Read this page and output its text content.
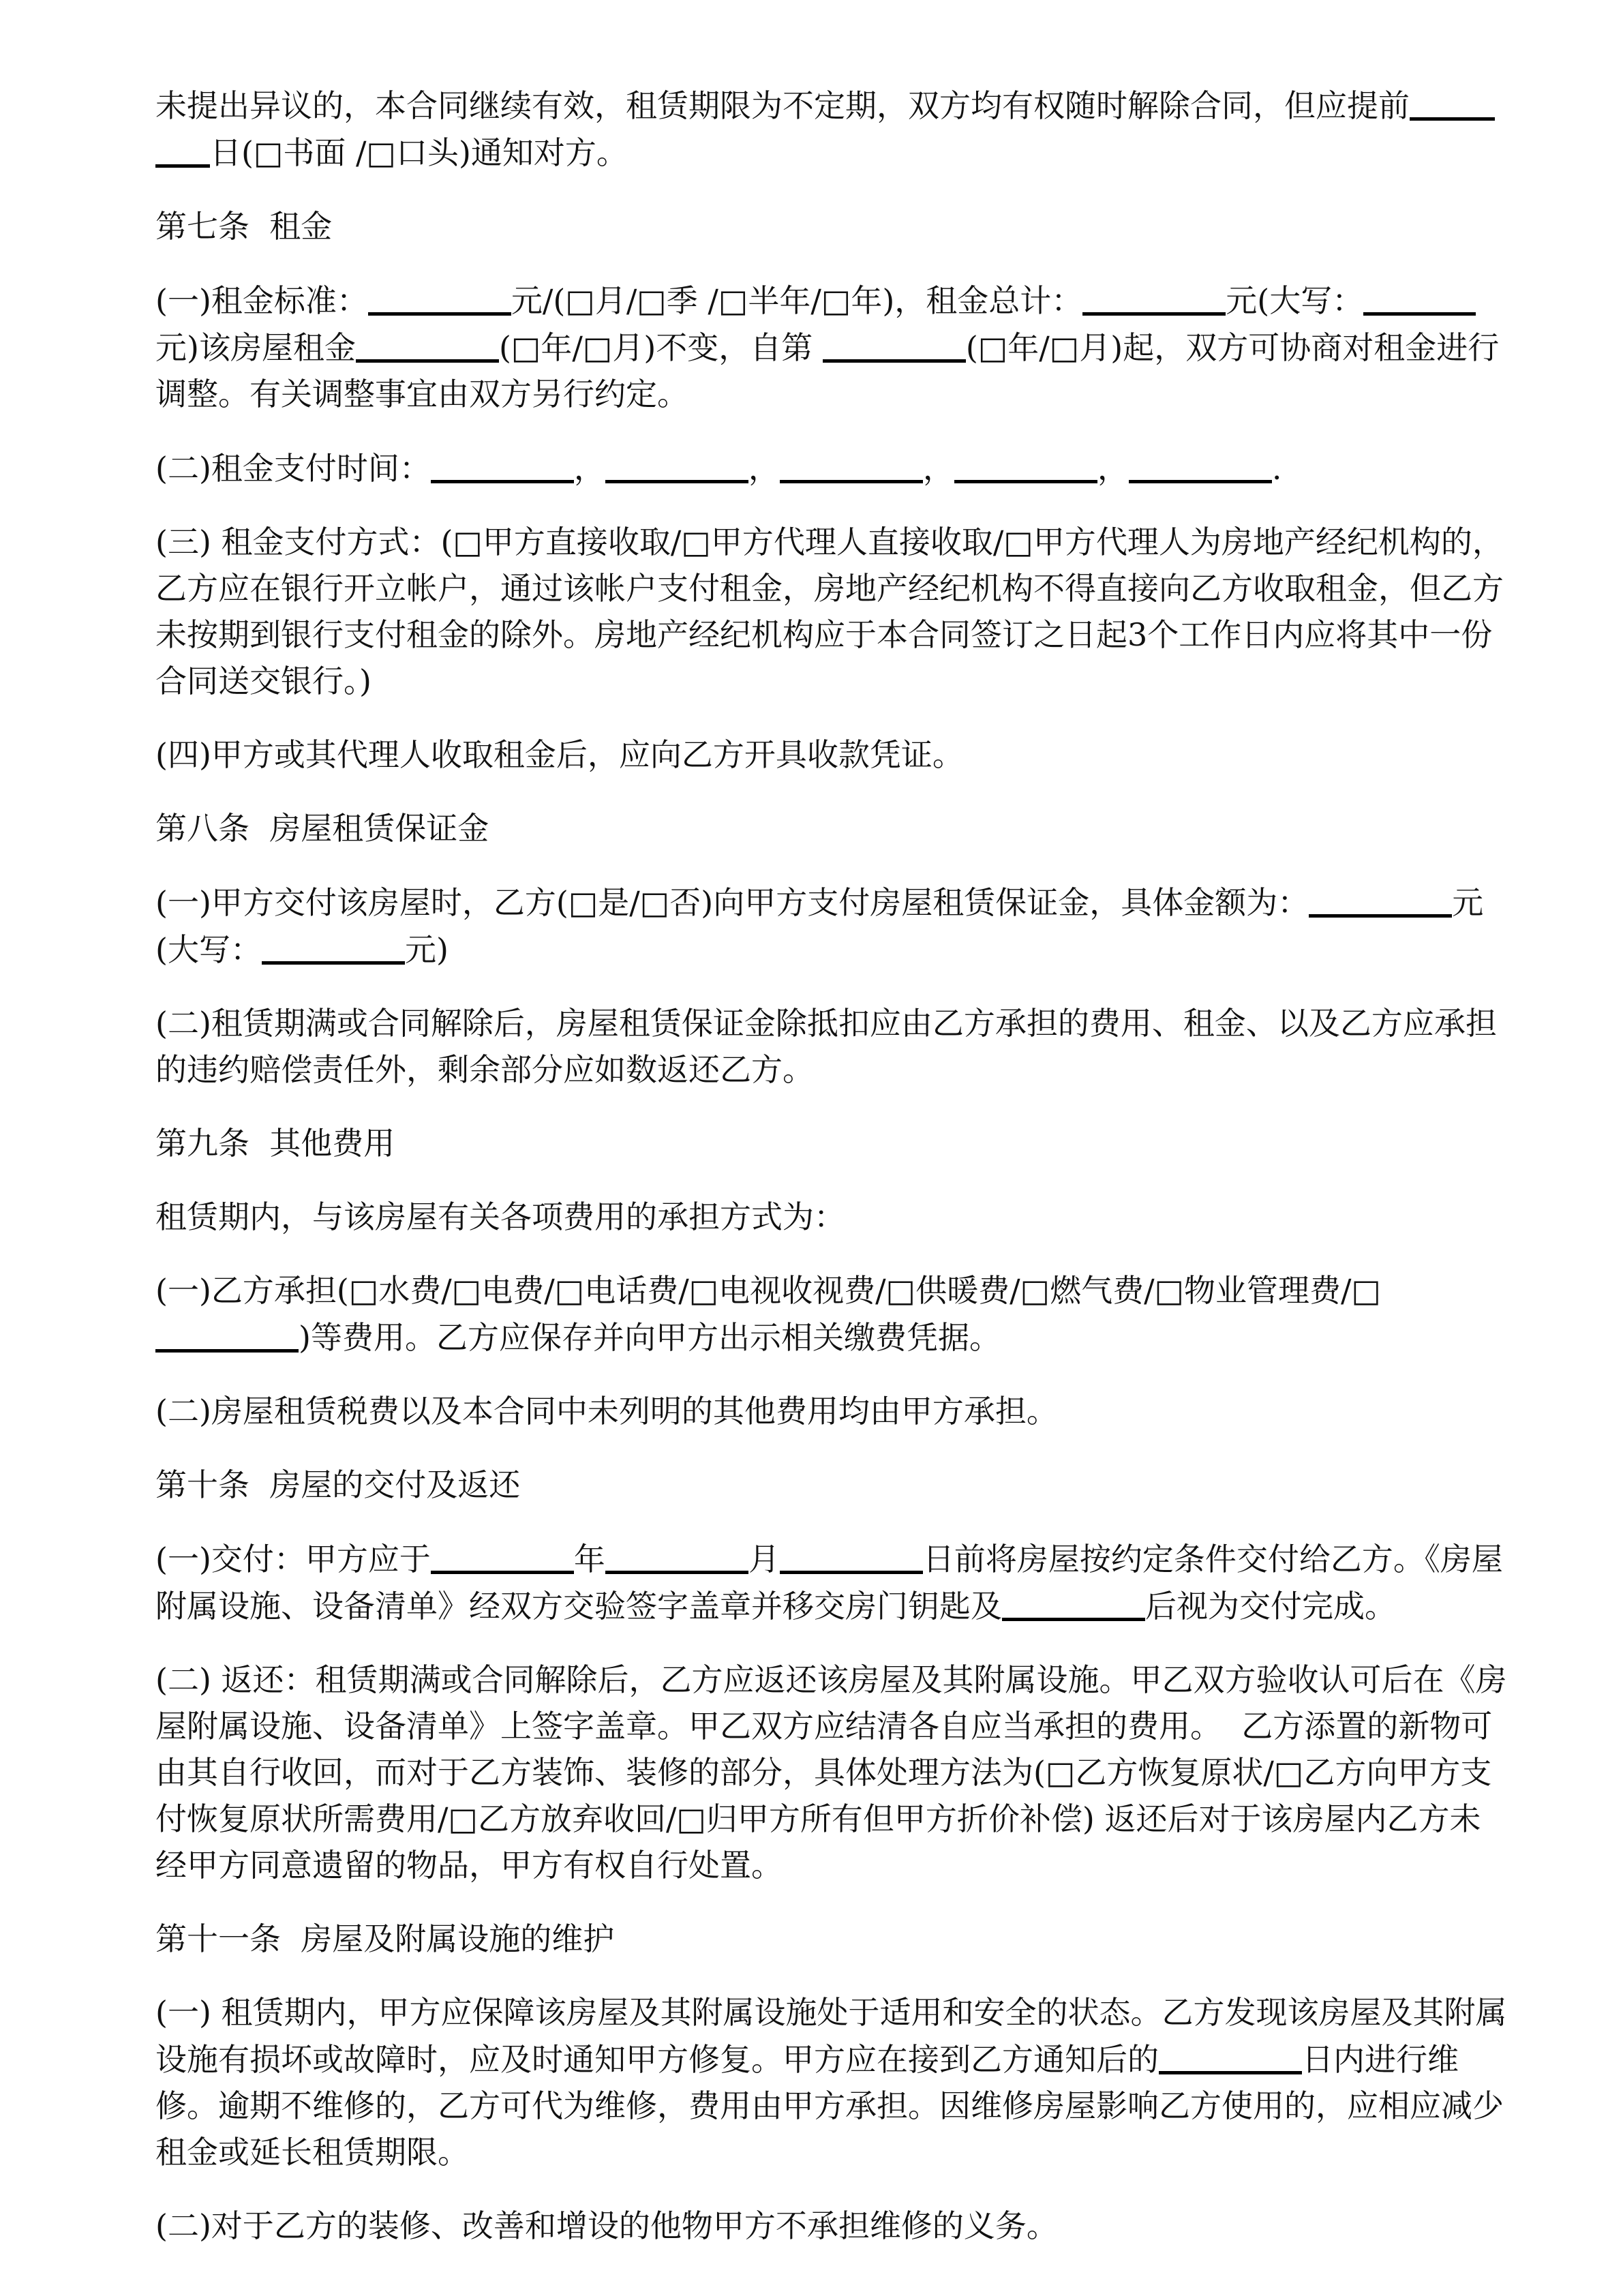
未提出异议的，本合同继续有效，租赁期限为不定期，双方均有权随时解除合同，但应提前日(□书面 /□口头)通知对方。

第七条  租金

(一)租金标准：	元/(□月/□季 /□半年/□年)，租金总计：	元(大写：元)该房屋租金	(□年/□月)不变，自第	(□年/□月)起，双方可协商对租金进行调整。有关调整事宜由双方另行约定。

(二)租金支付时间：	，	，	，	，	.

(三) 租金支付方式：(□甲方直接收取/□甲方代理人直接收取/□甲方代理人为房地产经纪机构的，乙方应在银行开立帐户，通过该帐户支付租金，房地产经纪机构不得直接向乙方收取租金，但乙方未按期到银行支付租金的除外。房地产经纪机构应于本合同签订之日起3个工作日内应将其中一份合同送交银行。)

(四)甲方或其代理人收取租金后，应向乙方开具收款凭证。

第八条  房屋租赁保证金

(一)甲方交付该房屋时，乙方(□是/□否)向甲方支付房屋租赁保证金，具体金额为：	元(大写：	元)

(二)租赁期满或合同解除后，房屋租赁保证金除抵扣应由乙方承担的费用、租金、以及乙方应承担的违约赔偿责任外，剩余部分应如数返还乙方。

第九条  其他费用

租赁期内，与该房屋有关各项费用的承担方式为：

(一)乙方承担(□水费/□电费/□电话费/□电视收视费/□供暖费/□燃气费/□物业管理费/□)等费用。乙方应保存并向甲方出示相关缴费凭据。

(二)房屋租赁税费以及本合同中未列明的其他费用均由甲方承担。

第十条  房屋的交付及返还

(一)交付：甲方应于	年	月	日前将房屋按约定条件交付给乙方。《房屋附属设施、设备清单》经双方交验签字盖章并移交房门钥匙及	后视为交付完成。

(二) 返还：租赁期满或合同解除后，乙方应返还该房屋及其附属设施。甲乙双方验收认可后在《房屋附属设施、设备清单》上签字盖章。甲乙双方应结清各自应当承担的费用。  乙方添置的新物可由其自行收回，而对于乙方装饰、装修的部分，具体处理方法为(□乙方恢复原状/□乙方向甲方支付恢复原状所需费用/□乙方放弃收回/□归甲方所有但甲方折价补偿) 返还后对于该房屋内乙方未经甲方同意遗留的物品，甲方有权自行处置。

第十一条  房屋及附属设施的维护

(一) 租赁期内，甲方应保障该房屋及其附属设施处于适用和安全的状态。乙方发现该房屋及其附属设施有损坏或故障时，应及时通知甲方修复。甲方应在接到乙方通知后的	日内进行维修。逾期不维修的，乙方可代为维修，费用由甲方承担。因维修房屋影响乙方使用的，应相应减少租金或延长租赁期限。

(二)对于乙方的装修、改善和增设的他物甲方不承担维修的义务。
